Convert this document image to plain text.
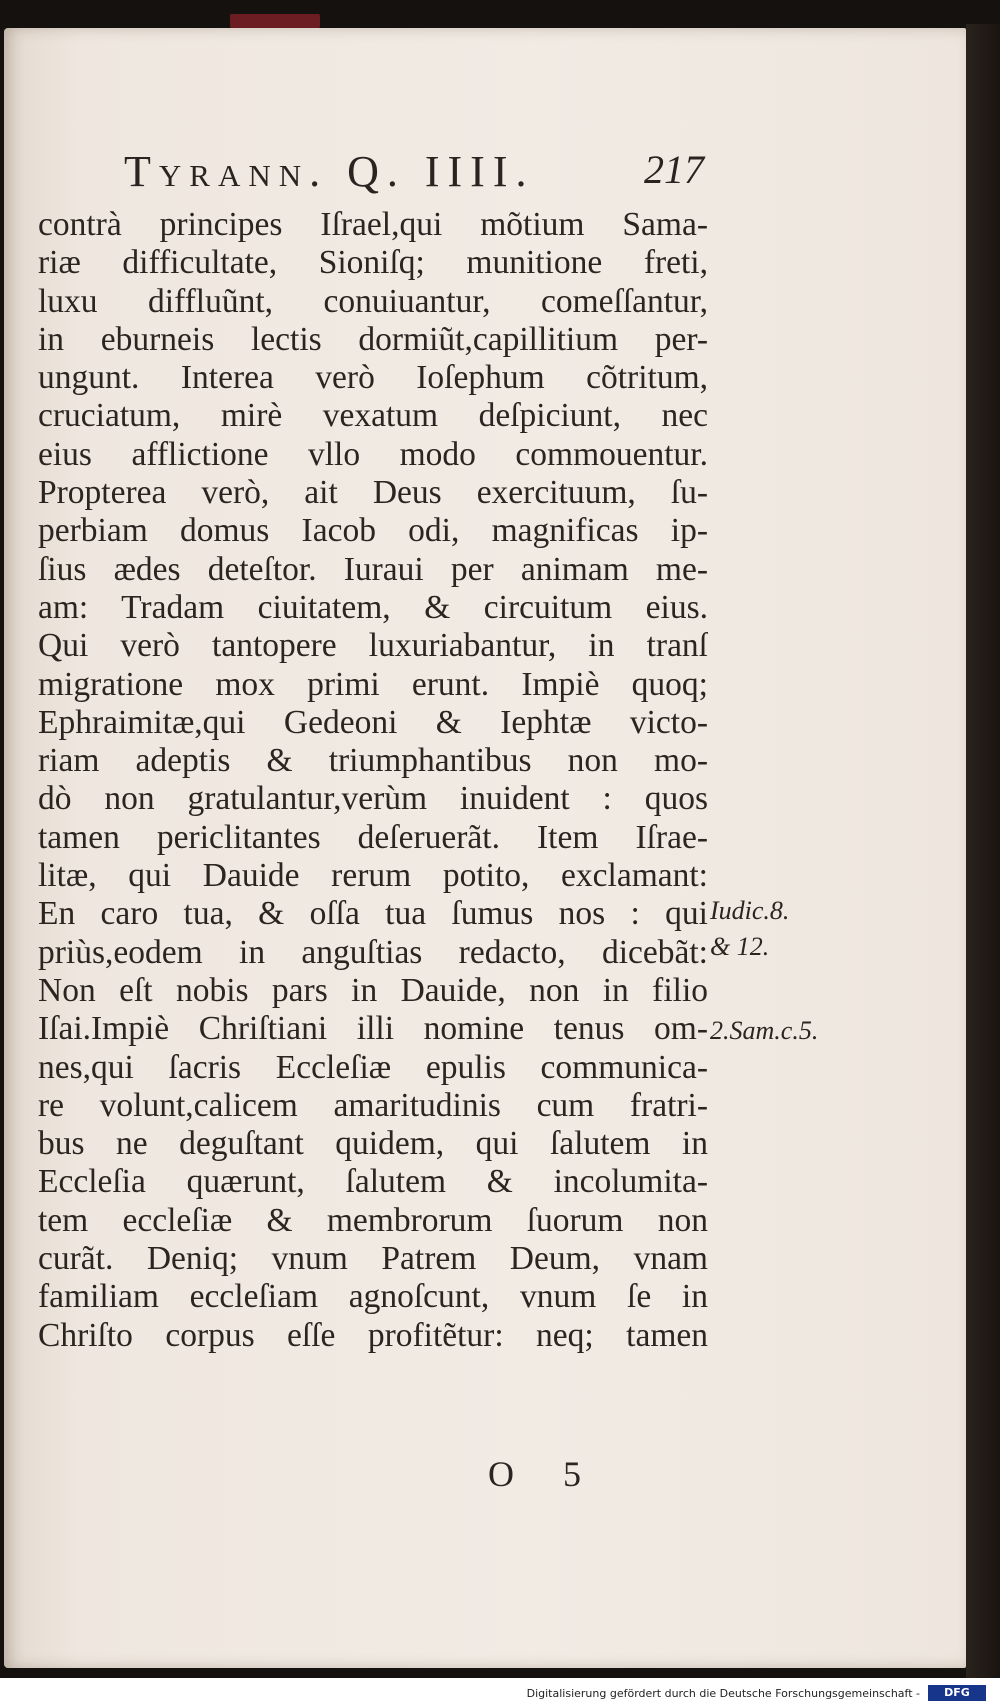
Tyrann. Q. IIII.	217
contrà principes Iſrael,qui mõtium Sama-
riæ difficultate, Sioniſq; munitione freti,
luxu diffluũnt, conuiuantur, comeſſantur,
in eburneis lectis dormiũt,capillitium per-
ungunt. Interea verò Ioſephum cõtritum,
cruciatum, mirè vexatum deſpiciunt, nec
eius afflictione vllo modo commouentur.
Propterea verò, ait Deus exercituum, ſu-
perbiam domus Iacob odi, magnificas ip-
ſius ædes deteſtor. Iuraui per animam me-
am: Tradam ciuitatem, & circuitum eius.
Qui verò tantopere luxuriabantur, in tranſ
migratione mox primi erunt. Impiè quoq;
Ephraimitæ,qui Gedeoni & Iephtæ victo-
riam adeptis & triumphantibus non mo-
dò non gratulantur,verùm inuident : quos
tamen periclitantes deſeruerãt. Item Iſrae-
litæ, qui Dauide rerum potito, exclamant:
En caro tua, & oſſa tua ſumus nos : qui
priùs,eodem in anguſtias redacto, dicebãt:
Non eſt nobis pars in Dauide, non in filio
Iſai.Impiè Chriſtiani illi nomine tenus om-
nes,qui ſacris Eccleſiæ epulis communica-
re volunt,calicem amaritudinis cum fratri-
bus ne deguſtant quidem, qui ſalutem in
Eccleſia quærunt, ſalutem & incolumita-
tem eccleſiæ & membrorum ſuorum non
curãt. Deniq; vnum Patrem Deum, vnam
familiam eccleſiam agnoſcunt, vnum ſe in
Chriſto corpus eſſe profitẽtur: neq; tamen
Iudic.8.
& 12.
2.Sam.c.5.
O 5
Digitalisierung gefördert durch die Deutsche Forschungsgemeinschaft -	DFG
